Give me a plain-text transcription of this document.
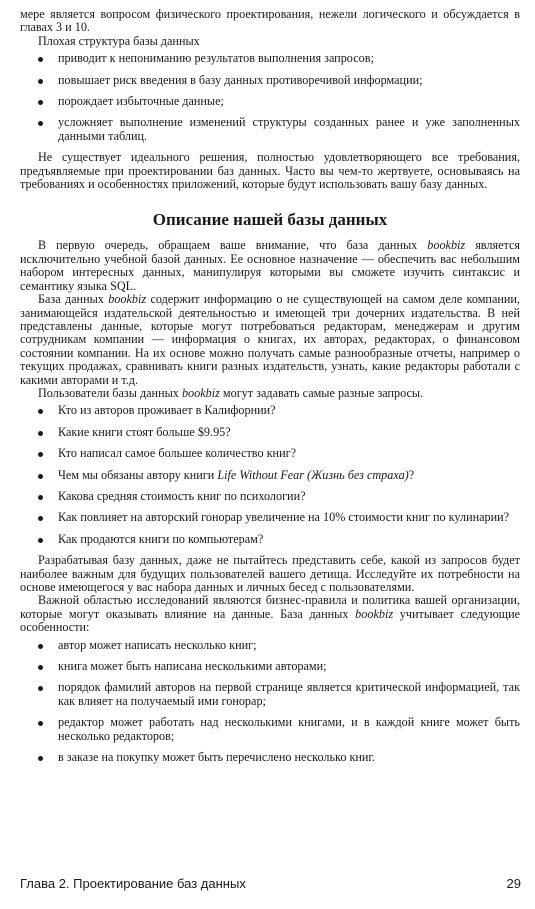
мере является вопросом физического проектирования, нежели логического и обсуждается в главах 3 и 10.

Плохая структура базы данных

приводит к непониманию результатов выполнения запросов;
повышает риск введения в базу данных противоречивой информации;
порождает избыточные данные;
усложняет выполнение изменений структуры созданных ранее и уже заполненных данными таблиц.

Не существует идеального решения, полностью удовлетворяющего все требования, предъявляемые при проектировании баз данных. Часто вы чем-то жертвуете, основываясь на требованиях и особенностях приложений, которые будут использовать вашу базу данных.

Описание нашей базы данных

В первую очередь, обращаем ваше внимание, что база данных bookbiz является исключительно учебной базой данных. Ее основное назначение — обеспечить вас небольшим набором интересных данных, манипулируя которыми вы сможете изучить синтаксис и семантику языка SQL.

База данных bookbiz содержит информацию о не существующей на самом деле компании, занимающейся издательской деятельностью и имеющей три дочерних издательства. В ней представлены данные, которые могут потребоваться редакторам, менеджерам и другим сотрудникам компании — информация о книгах, их авторах, редакторах, о финансовом состоянии компании. На их основе можно получать самые разнообразные отчеты, например о текущих продажах, сравнивать книги разных издательств, узнать, какие редакторы работали с какими авторами и т.д.

Пользователи базы данных bookbiz могут задавать самые разные запросы.

Кто из авторов проживает в Калифорнии?
Какие книги стоят больше $9.95?
Кто написал самое большее количество книг?
Чем мы обязаны автору книги Life Without Fear (Жизнь без страха)?
Какова средняя стоимость книг по психологии?
Как повлияет на авторский гонорар увеличение на 10% стоимости книг по кулинарии?
Как продаются книги по компьютерам?

Разрабатывая базу данных, даже не пытайтесь представить себе, какой из запросов будет наиболее важным для будущих пользователей вашего детища. Исследуйте их потребности на основе имеющегося у вас набора данных и личных бесед с пользователями.

Важной областью исследований являются бизнес-правила и политика вашей организации, которые могут оказывать влияние на данные. База данных bookbiz учитывает следующие особенности:

автор может написать несколько книг;
книга может быть написана несколькими авторами;
порядок фамилий авторов на первой странице является критической информацией, так как влияет на получаемый ими гонорар;
редактор может работать над несколькими книгами, и в каждой книге может быть несколько редакторов;
в заказе на покупку может быть перечислено несколько книг.
Глава 2. Проектирование баз данных	29
